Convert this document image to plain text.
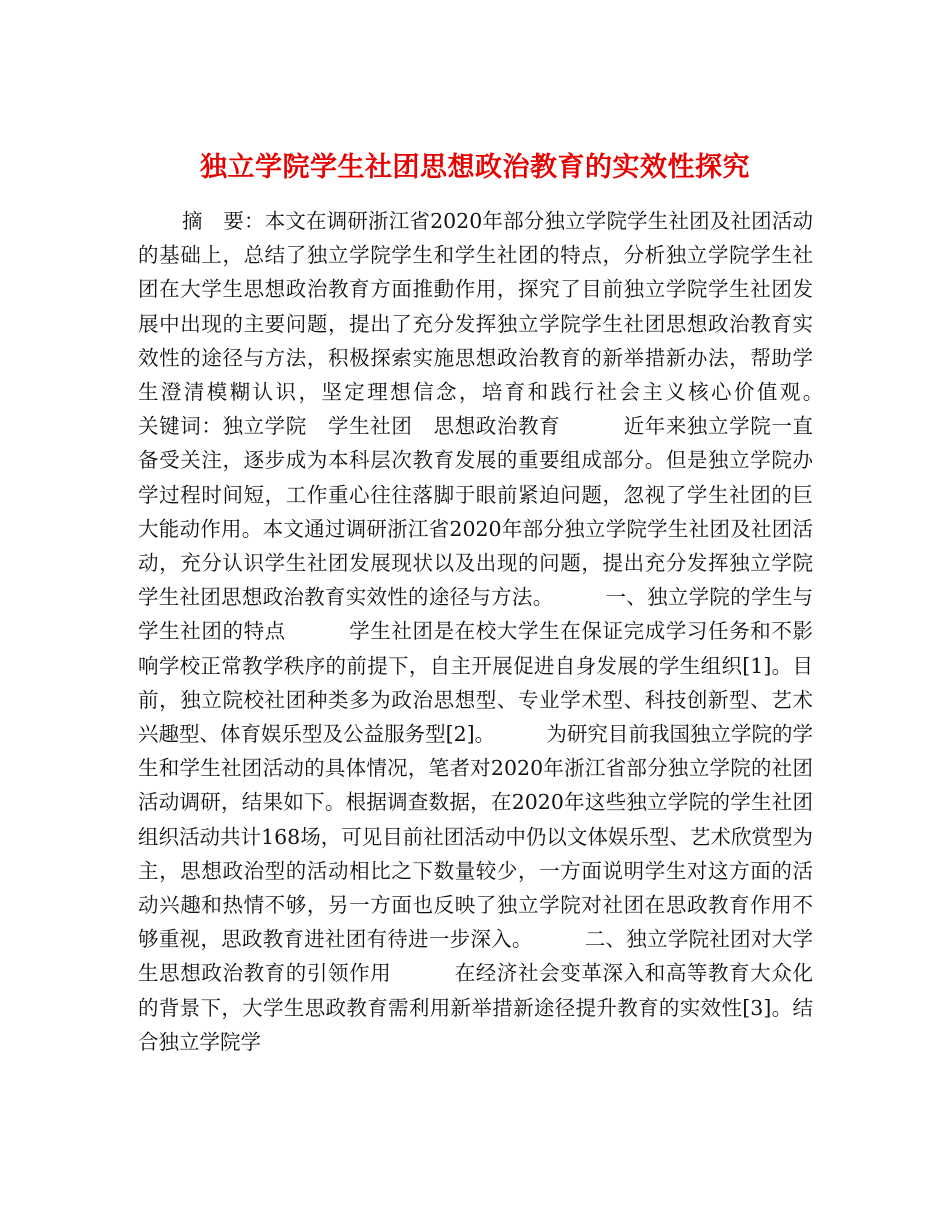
独立学院学生社团思想政治教育的实效性探究

摘　要：本文在调研浙江省2020年部分独立学院学生社团及社团活动的基础上，总结了独立学院学生和学生社团的特点，分析独立学院学生社团在大学生思想政治教育方面推動作用，探究了目前独立学院学生社团发展中出现的主要问题，提出了充分发挥独立学院学生社团思想政治教育实效性的途径与方法，积极探索实施思想政治教育的新举措新办法，帮助学生澄清模糊认识，坚定理想信念，培育和践行社会主义核心价值观。　　　关键词：独立学院　学生社团　思想政治教育　　　近年来独立学院一直备受关注，逐步成为本科层次教育发展的重要组成部分。但是独立学院办学过程时间短，工作重心往往落脚于眼前紧迫问题，忽视了学生社团的巨大能动作用。本文通过调研浙江省2020年部分独立学院学生社团及社团活动，充分认识学生社团发展现状以及出现的问题，提出充分发挥独立学院学生社团思想政治教育实效性的途径与方法。　　　一、独立学院的学生与学生社团的特点　　　学生社团是在校大学生在保证完成学习任务和不影响学校正常教学秩序的前提下，自主开展促进自身发展的学生组织[1]。目前，独立院校社团种类多为政治思想型、专业学术型、科技创新型、艺术兴趣型、体育娱乐型及公益服务型[2]。　　　为研究目前我国独立学院的学生和学生社团活动的具体情况，笔者对2020年浙江省部分独立学院的社团活动调研，结果如下。根据调查数据，在2020年这些独立学院的学生社团组织活动共计168场，可见目前社团活动中仍以文体娱乐型、艺术欣赏型为主，思想政治型的活动相比之下数量较少，一方面说明学生对这方面的活动兴趣和热情不够，另一方面也反映了独立学院对社团在思政教育作用不够重视，思政教育进社团有待进一步深入。　　　二、独立学院社团对大学生思想政治教育的引领作用　　　在经济社会变革深入和高等教育大众化的背景下，大学生思政教育需利用新举措新途径提升教育的实效性[3]。结合独立学院学
